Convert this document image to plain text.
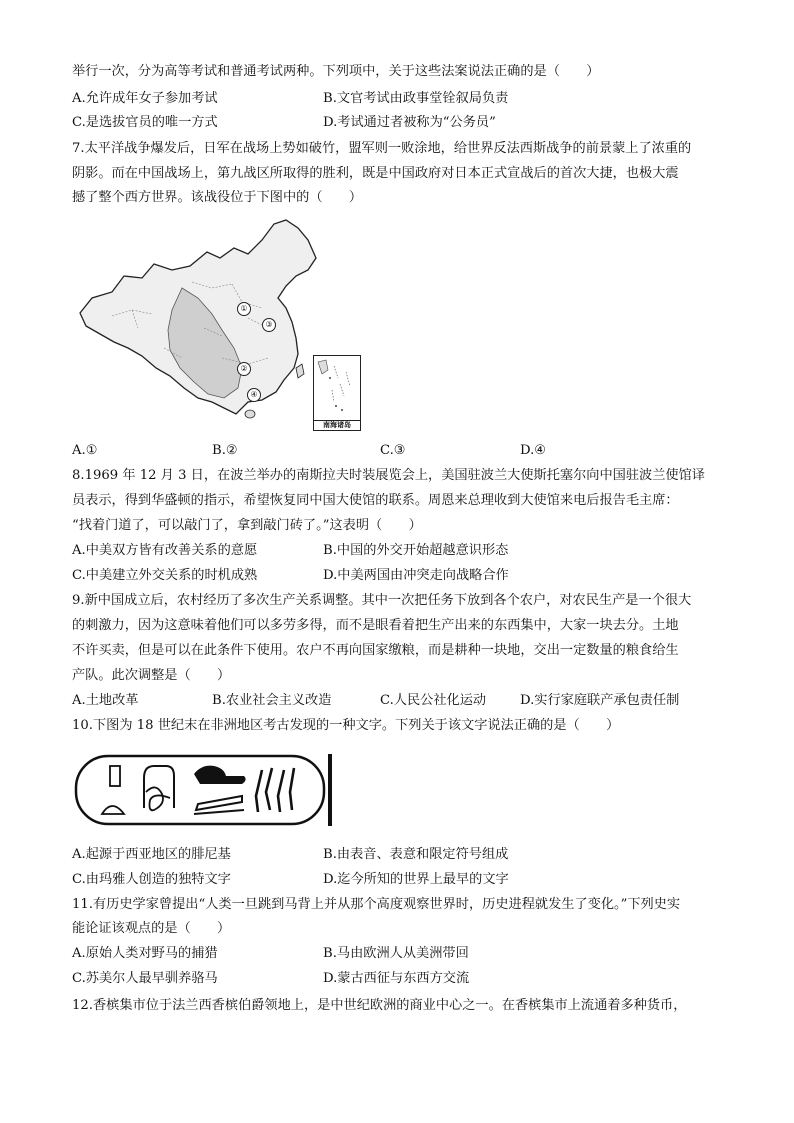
举行一次，分为高等考试和普通考试两种。下列项中，关于这些法案说法正确的是（　　）
A.允许成年女子参加考试	B.文官考试由政事堂铨叙局负责
C.是选拔官员的唯一方式	D.考试通过者被称为“公务员”
7.太平洋战争爆发后，日军在战场上势如破竹，盟军则一败涂地，给世界反法西斯战争的前景蒙上了浓重的
阴影。而在中国战场上，第九战区所取得的胜利，既是中国政府对日本正式宣战后的首次大捷，也极大震
撼了整个西方世界。该战役位于下图中的（　　）
①
③
②
④
南海诸岛
A.①	B.②	C.③	D.④
8.1969 年 12 月 3 日，在波兰举办的南斯拉夫时装展览会上，美国驻波兰大使斯托塞尔向中国驻波兰使馆译
员表示，得到华盛顿的指示，希望恢复同中国大使馆的联系。周恩来总理收到大使馆来电后报告毛主席：
“找着门道了，可以敲门了，拿到敲门砖了。”这表明（　　）
A.中美双方皆有改善关系的意愿	B.中国的外交开始超越意识形态
C.中美建立外交关系的时机成熟	D.中美两国由冲突走向战略合作
9.新中国成立后，农村经历了多次生产关系调整。其中一次把任务下放到各个农户，对农民生产是一个很大
的刺激力，因为这意味着他们可以多劳多得，而不是眼看着把生产出来的东西集中，大家一块去分。土地
不许买卖，但是可以在此条件下使用。农户不再向国家缴粮，而是耕种一块地，交出一定数量的粮食给生
产队。此次调整是（　　）
A.土地改革	B.农业社会主义改造	C.人民公社化运动	D.实行家庭联产承包责任制
10.下图为 18 世纪末在非洲地区考古发现的一种文字。下列关于该文字说法正确的是（　　）
A.起源于西亚地区的腓尼基	B.由表音、表意和限定符号组成
C.由玛雅人创造的独特文字	D.迄今所知的世界上最早的文字
11.有历史学家曾提出“人类一旦跳到马背上并从那个高度观察世界时，历史进程就发生了变化。”下列史实
能论证该观点的是（　　）
A.原始人类对野马的捕猎	B.马由欧洲人从美洲带回
C.苏美尔人最早驯养骆马	D.蒙古西征与东西方交流
12.香槟集市位于法兰西香槟伯爵领地上，是中世纪欧洲的商业中心之一。在香槟集市上流通着多种货币，
